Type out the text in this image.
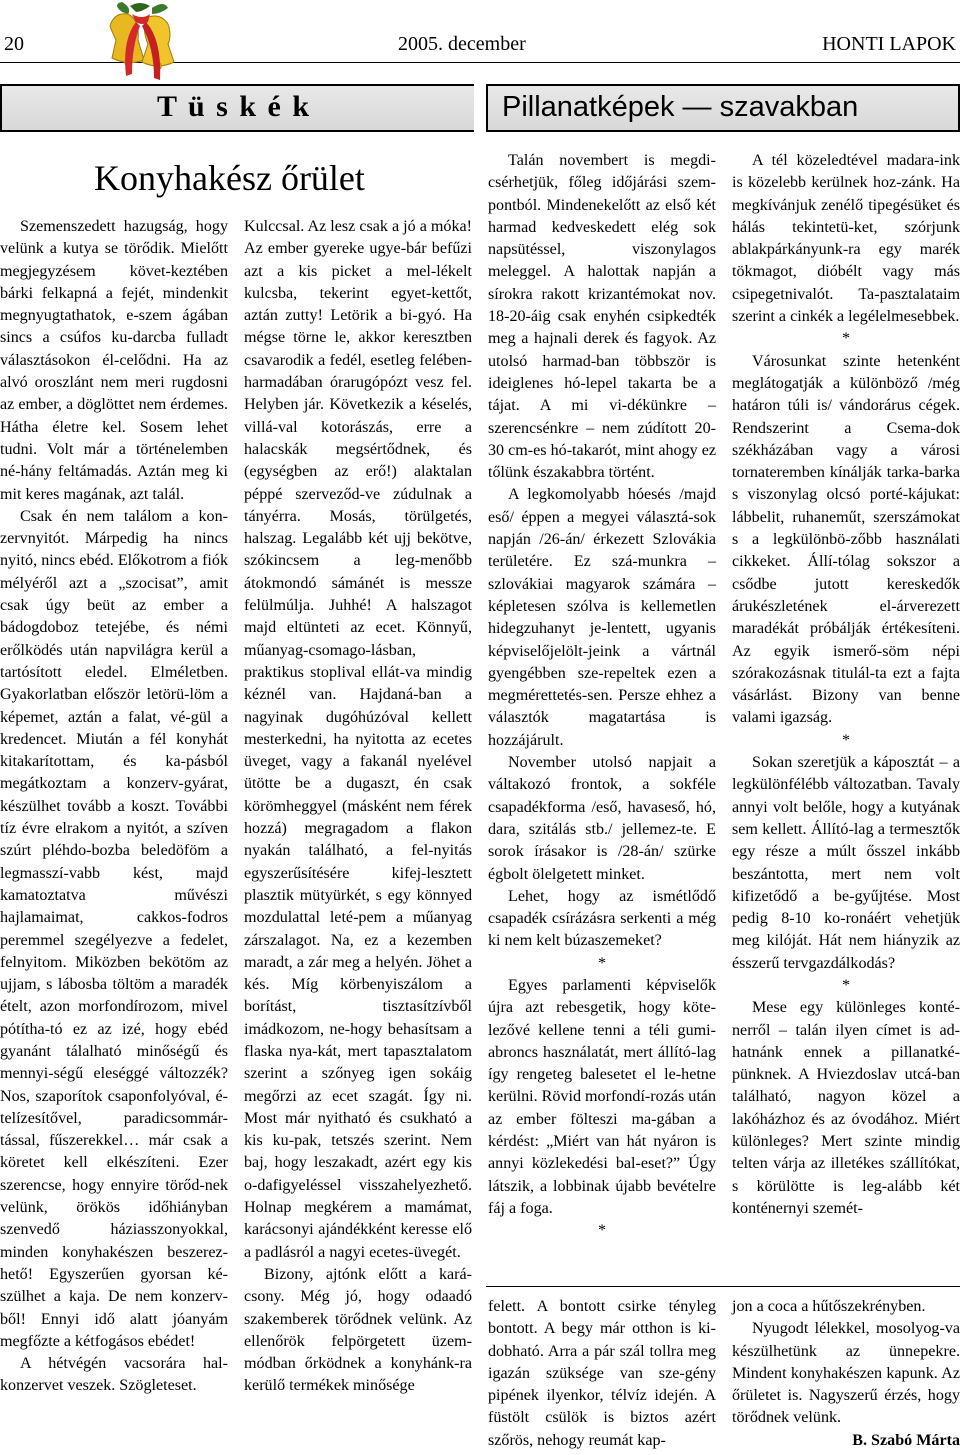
20	2005. december	HONTI LAPOK
T ü s k é k	Pillanatképek — szavakban
Konyhakész őrület

Szemenszedett hazugság, hogy velünk a kutya se törődik. Mielőtt megjegyzésem követ-keztében bárki felkapná a fejét, mindenkit megnyugtathatok, e-szem ágában sincs a csúfos ku-darcba fulladt választásokon él-celődni. Ha az alvó oroszlánt nem meri rugdosni az ember, a döglöttet nem érdemes. Hátha életre kel. Sosem lehet tudni. Volt már a történelemben né-hány feltámadás. Aztán meg ki mit keres magának, azt talál.

Csak én nem találom a kon-zervnyitót. Márpedig ha nincs nyitó, nincs ebéd. Előkotrom a fiók mélyéről azt a „szocisat”, amit csak úgy beüt az ember a bádogdoboz tetejébe, és némi erőlködés után napvilágra kerül a tartósított eledel. Elméletben. Gyakorlatban először letörü-löm a képemet, aztán a falat, vé-gül a kredencet. Miután a fél konyhát kitakarítottam, és ka-pásból megátkoztam a konzerv-gyárat, készülhet tovább a koszt. További tíz évre elrakom a nyitót, a szíven szúrt pléhdo-bozba beledöföm a legmasszí-vabb kést, majd kamatoztatva művészi hajlamaimat, cakkos-fodros peremmel szegélyezve a fedelet, felnyitom. Miközben bekötöm az ujjam, s lábosba töltöm a maradék ételt, azon morfondírozom, mivel pótítha-tó ez az izé, hogy ebéd gyanánt tálalható minőségű és mennyi-ségű eleséggé változzék? Nos, szaporítok csaponfolyóval, é-telízesítővel, paradicsommár-tással, fűszerekkel… már csak a köretet kell elkészíteni. Ezer szerencse, hogy ennyire törőd-nek velünk, örökös időhiányban szenvedő háziasszonyokkal, minden konyhakészen beszerez-hető! Egyszerűen gyorsan ké-szülhet a kaja. De nem konzerv-ből! Ennyi idő alatt jóanyám megfőzte a kétfogásos ebédet!

A hétvégén vacsorára hal-konzervet veszek. Szögleteset.

Kulccsal. Az lesz csak a jó a móka! Az ember gyereke ugye-bár befűzi azt a kis picket a mel-lékelt kulcsba, tekerint egyet-kettőt, aztán zutty! Letörik a bi-gyó. Ha mégse törne le, akkor keresztben csavarodik a fedél, esetleg felében-harmadában órarugópózt vesz fel. Helyben jár. Következik a késelés, villá-val kotorászás, erre a halacskák megsértődnek, és (egységben az erő!) alaktalan péppé szerveződ-ve zúdulnak a tányérra. Mosás, törülgetés, halszag. Legalább két ujj bekötve, szókincsem a leg-menőbb átokmondó sámánét is messze felülmúlja. Juhhé! A halszagot majd eltünteti az ecet. Könnyű, műanyag-csomago-lásban, praktikus stoplival ellát-va mindig kéznél van. Hajdaná-ban a nagyinak dugóhúzóval kellett mesterkedni, ha nyitotta az ecetes üveget, vagy a fakanál nyelével ütötte be a dugaszt, én csak körömheggyel (másként nem férek hozzá) megragadom a flakon nyakán található, a fel-nyitás egyszerűsítésére kifej-lesztett plasztik mütyürkét, s egy könnyed mozdulattal leté-pem a műanyag zárszalagot. Na, ez a kezemben maradt, a zár meg a helyén. Jöhet a kés. Míg körbenyiszálom a borítást, tisztasítzívből imádkozom, ne-hogy behasítsam a flaska nya-kát, mert tapasztalatom szerint a szőnyeg igen sokáig megőrzi az ecet szagát. Így ni. Most már nyitható és csukható a kis ku-pak, tetszés szerint. Nem baj, hogy leszakadt, azért egy kis o-dafigyeléssel visszahelyezhető. Holnap megkérem a mamámat, karácsonyi ajándékként keresse elő a padlásról a nagyi ecetes-üvegét.

Bizony, ajtónk előtt a kará-csony. Még jó, hogy odaadó szakemberek törődnek velünk. Az ellenőrök felpörgetett üzem-módban őrködnek a konyhánk-ra kerülő termékek minősége

Talán novembert is megdi-csérhetjük, főleg időjárási szem-pontból. Mindenekelőtt az első két harmad kedveskedett elég sok napsütéssel, viszonylagos meleggel. A halottak napján a sírokra rakott krizantémokat nov. 18-20-áig csak enyhén csipkedték meg a hajnali derek és fagyok. Az utolsó harmad-ban többször is ideiglenes hó-lepel takarta be a tájat. A mi vi-dékünkre – szerencsénkre – nem zúdított 20-30 cm-es hó-takarót, mint ahogy ez tőlünk északabbra történt.

A legkomolyabb hóesés /majd eső/ éppen a megyei választá-sok napján /26-án/ érkezett Szlovákia területére. Ez szá-munkra – szlovákiai magyarok számára – képletesen szólva is kellemetlen hidegzuhanyt je-lentett, ugyanis képviselőjelölt-jeink a vártnál gyengébben sze-repeltek ezen a megmérettetés-sen. Persze ehhez a választók magatartása is hozzájárult.

November utolsó napjait a váltakozó frontok, a sokféle csapadékforma /eső, havaseső, hó, dara, szitálás stb./ jellemez-te. E sorok írásakor is /28-án/ szürke égbolt ölelgetett minket.

Lehet, hogy az ismétlődő csapadék csírázásra serkenti a még ki nem kelt búzaszemeket?

*

Egyes parlamenti képviselők újra azt rebesgetik, hogy köte-lezővé kellene tenni a téli gumi-abroncs használatát, mert állító-lag így rengeteg balesetet el le-hetne kerülni. Rövid morfondí-rozás után az ember fölteszi ma-gában a kérdést: „Miért van hát nyáron is annyi közlekedési bal-eset?” Úgy látszik, a lobbinak újabb bevételre fáj a foga.

*

A tél közeledtével madara-ink is közelebb kerülnek hoz-zánk. Ha megkívánjuk zenélő tipegésüket és hálás tekintetü-ket, szórjunk ablakpárkányunk-ra egy marék tökmagot, dióbélt vagy más csipegetnivalót. Ta-pasztalataim szerint a cinkék a legélelmesebbek.

*

Városunkat szinte hetenként meglátogatják a különböző /még határon túli is/ vándorárus cégek. Rendszerint a Csema-dok székházában vagy a városi tornateremben kínálják tarka-barka s viszonylag olcsó porté-kájukat: lábbelit, ruhaneműt, szerszámokat s a legkülönbö-zőbb használati cikkeket. Állí-tólag sokszor a csődbe jutott kereskedők árukészletének el-árverezett maradékát próbálják értékesíteni. Az egyik ismerő-söm népi szórakozásnak titulál-ta ezt a fajta vásárlást. Bizony van benne valami igazság.

*

Sokan szeretjük a káposztát – a legkülönfélébb változatban. Tavaly annyi volt belőle, hogy a kutyának sem kellett. Állító-lag a termesztők egy része a múlt ősszel inkább beszántotta, mert nem volt kifizetődő a be-gyűjtése. Most pedig 8-10 ko-ronáért vehetjük meg kilóját. Hát nem hiányzik az ésszerű tervgazdálkodás?

*

Mese egy különleges konté-nerről – talán ilyen címet is ad-hatnánk ennek a pillanatké-pünknek. A Hviezdoslav utcá-ban található, nagyon közel a lakóházhoz és az óvodához. Miért különleges? Mert szinte mindig telten várja az illetékes szállítókat, s körülötte is leg-alább két konténernyi szemét-

felett. A bontott csirke tényleg bontott. A begy már otthon is ki-dobható. Arra a pár szál tollra meg igazán szüksége van sze-gény pipének ilyenkor, télvíz idején. A füstölt csülök is biztos azért szőrös, nehogy reumát kap-

jon a coca a hűtőszekrényben.

Nyugodt lélekkel, mosolyog-va készülhetünk az ünnepekre. Mindent konyhakészen kapunk. Az őrületet is. Nagyszerű érzés, hogy törődnek velünk.

B. Szabó Márta
